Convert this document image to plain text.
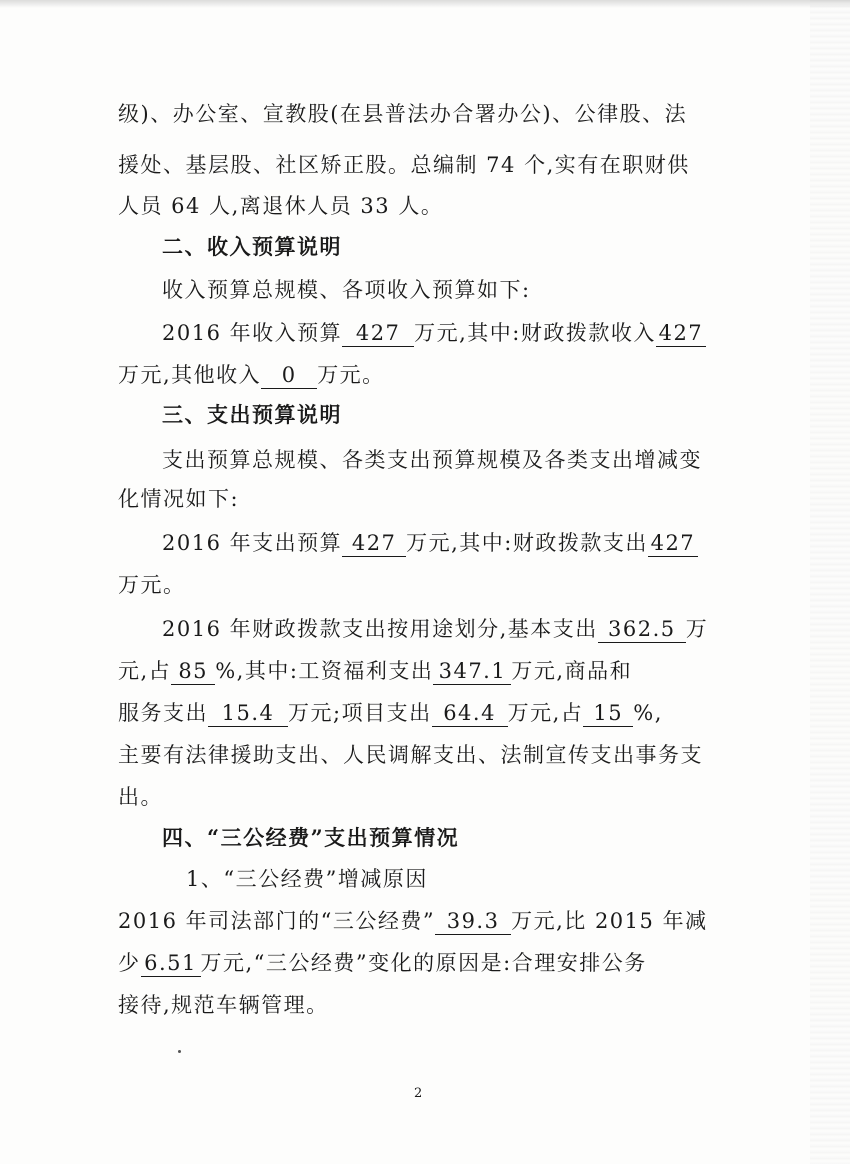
级)、办公室、宣教股(在县普法办合署办公)、公律股、法
援处、基层股、社区矫正股。总编制 74 个,实有在职财供
人员 64 人,离退休人员 33 人。
二、收入预算说明
收入预算总规模、各项收入预算如下:
2016 年收入预算 427 万元,其中:财政拨款收入 427
万元,其他收入 0 万元。
三、支出预算说明
支出预算总规模、各类支出预算规模及各类支出增减变
化情况如下:
2016 年支出预算 427 万元,其中:财政拨款支出 427
万元。
2016 年财政拨款支出按用途划分,基本支出 362.5 万
元,占 85 %,其中:工资福利支出 347.1 万元,商品和
服务支出 15.4 万元;项目支出 64.4 万元,占 15 %,
主要有法律援助支出、人民调解支出、法制宣传支出事务支
出。
四、“三公经费”支出预算情况
1、“三公经费”增减原因
2016 年司法部门的“三公经费” 39.3 万元,比 2015 年减
少 6.51 万元,“三公经费”变化的原因是:合理安排公务
接待,规范车辆管理。
2
